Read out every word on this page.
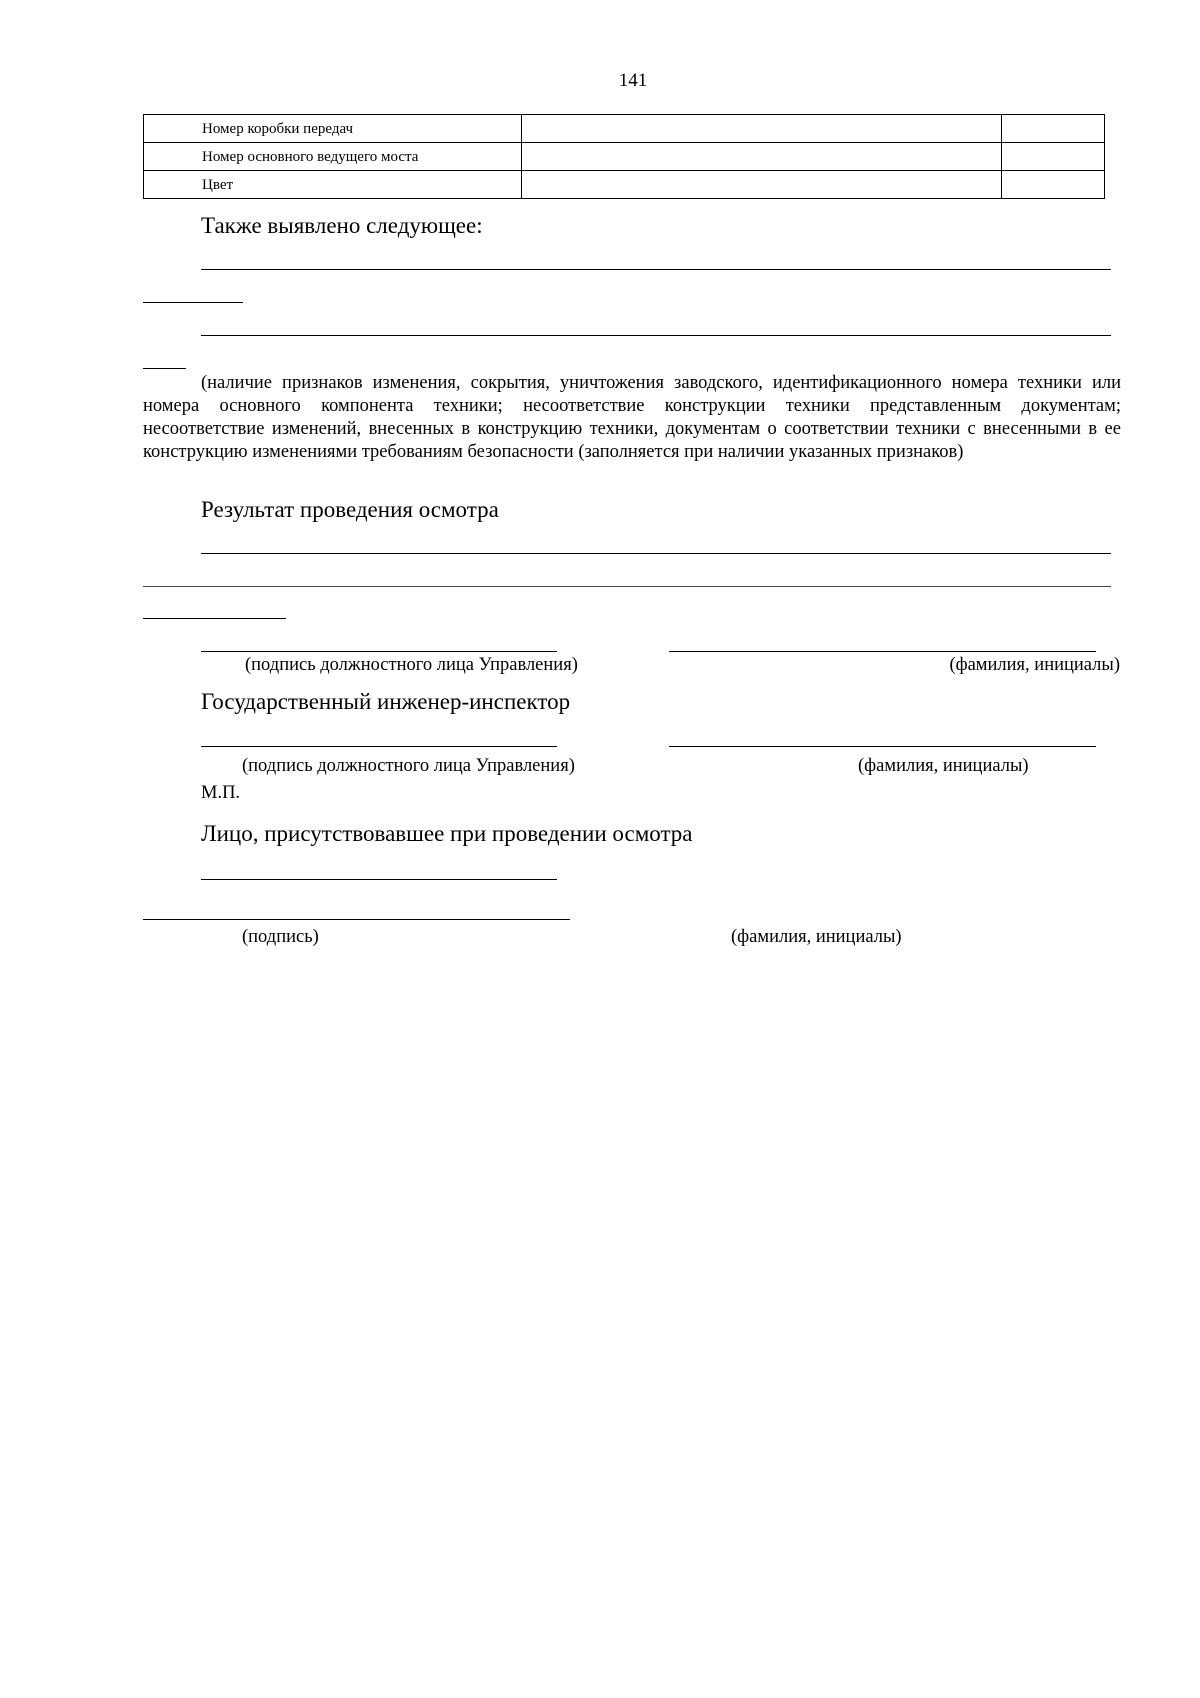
141
Номер коробки передач		
Номер основного ведущего моста		
Цвет		
Также выявлено следующее:
(наличие признаков изменения, сокрытия, уничтожения заводского, идентификационного номера техники или номера основного компонента техники; несоответствие конструкции техники представленным документам; несоответствие изменений, внесенных в конструкцию техники, документам о соответствии техники с внесенными в ее конструкцию изменениями требованиям безопасности (заполняется при наличии указанных признаков)
Результат проведения осмотра
(подпись должностного лица Управления)	(фамилия, инициалы)
Государственный инженер-инспектор
(подпись должностного лица Управления)	(фамилия, инициалы)
М.П.
Лицо, присутствовавшее при проведении осмотра
(подпись)	(фамилия, инициалы)
